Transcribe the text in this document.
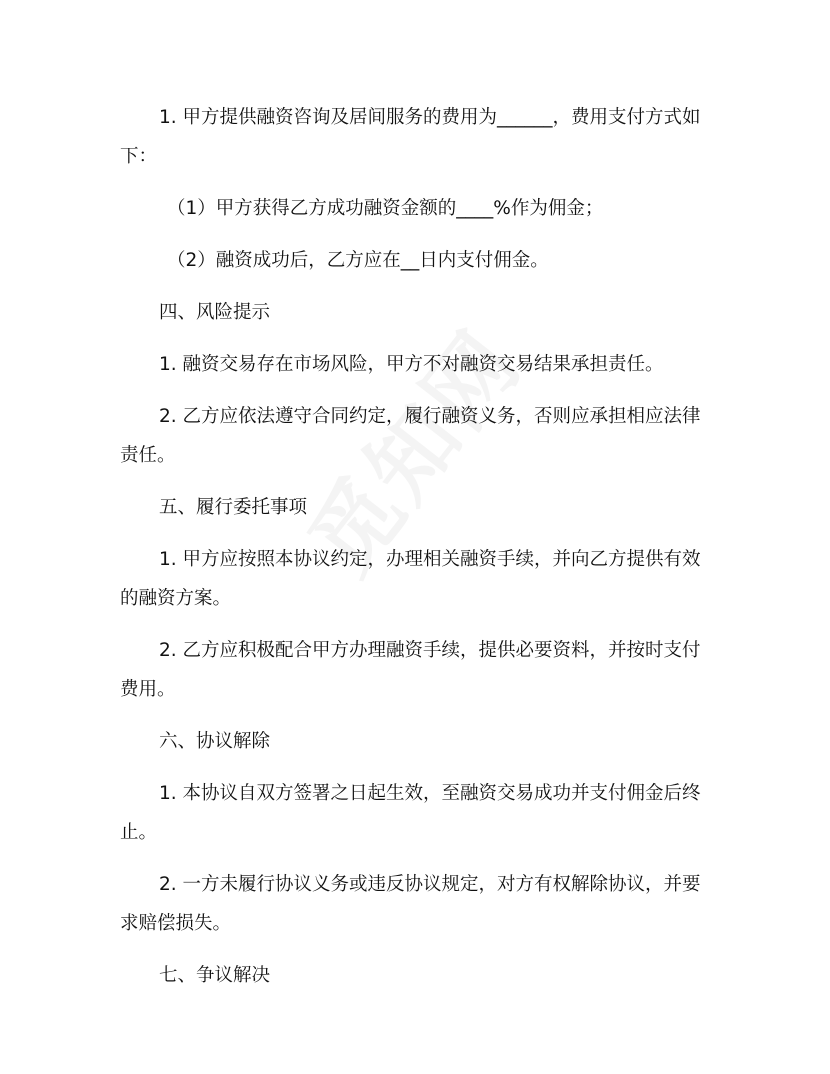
1. 甲方提供融资咨询及居间服务的费用为______，费用支付方式如下：

（1）甲方获得乙方成功融资金额的____%作为佣金；

（2）融资成功后，乙方应在__日内支付佣金。

四、风险提示

1. 融资交易存在市场风险，甲方不对融资交易结果承担责任。

2. 乙方应依法遵守合同约定，履行融资义务，否则应承担相应法律责任。

五、履行委托事项

1. 甲方应按照本协议约定，办理相关融资手续，并向乙方提供有效的融资方案。

2. 乙方应积极配合甲方办理融资手续，提供必要资料，并按时支付费用。

六、协议解除

1. 本协议自双方签署之日起生效，至融资交易成功并支付佣金后终止。

2. 一方未履行协议义务或违反协议规定，对方有权解除协议，并要求赔偿损失。

七、争议解决
